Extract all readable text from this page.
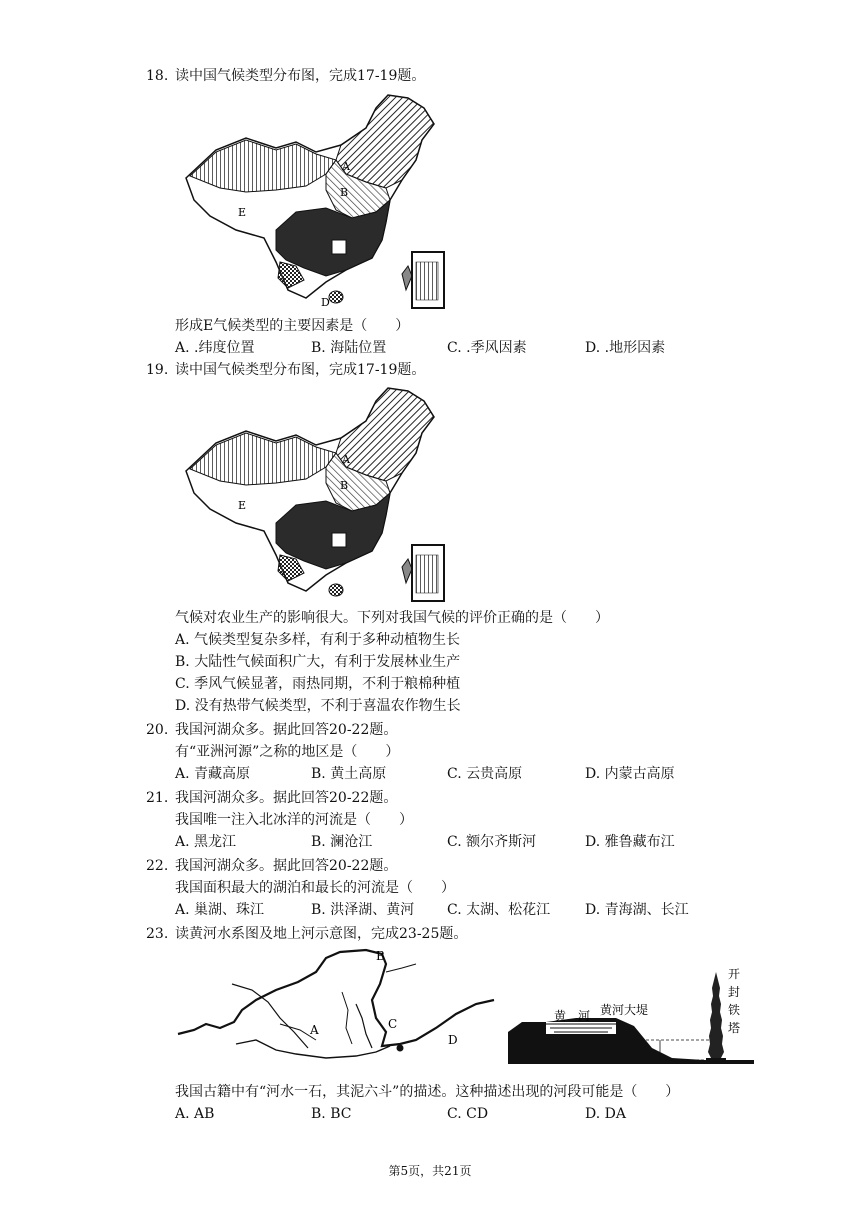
18. 读中国气候类型分布图，完成17-19题。
A
B
D
E
形成E气候类型的主要因素是（　　）
A. .纬度位置	B. 海陆位置	C. .季风因素	D. .地形因素
19. 读中国气候类型分布图，完成17-19题。
A
B
E
气候对农业生产的影响很大。下列对我国气候的评价正确的是（　　）
A. 气候类型复杂多样，有利于多种动植物生长
B. 大陆性气候面积广大，有利于发展林业生产
C. 季风气候显著，雨热同期，不利于粮棉种植
D. 没有热带气候类型，不利于喜温农作物生长
20. 我国河湖众多。据此回答20-22题。
有“亚洲河源”之称的地区是（　　）
A. 青藏高原	B. 黄土高原	C. 云贵高原	D. 内蒙古高原
21. 我国河湖众多。据此回答20-22题。
我国唯一注入北冰洋的河流是（　　）
A. 黑龙江	B. 澜沧江	C. 额尔齐斯河	D. 雅鲁藏布江
22. 我国河湖众多。据此回答20-22题。
我国面积最大的湖泊和最长的河流是（　　）
A. 巢湖、珠江	B. 洪泽湖、黄河 C. 太湖、松花江 D. 青海湖、长江
23. 读黄河水系图及地上河示意图，完成23-25题。
B
A	C
D
黄　河 黄河大堤
开
封
铁
塔
我国古籍中有“河水一石，其泥六斗”的描述。这种描述出现的河段可能是（　　）
A. AB	B. BC	C. CD	D. DA
第5页，共21页
